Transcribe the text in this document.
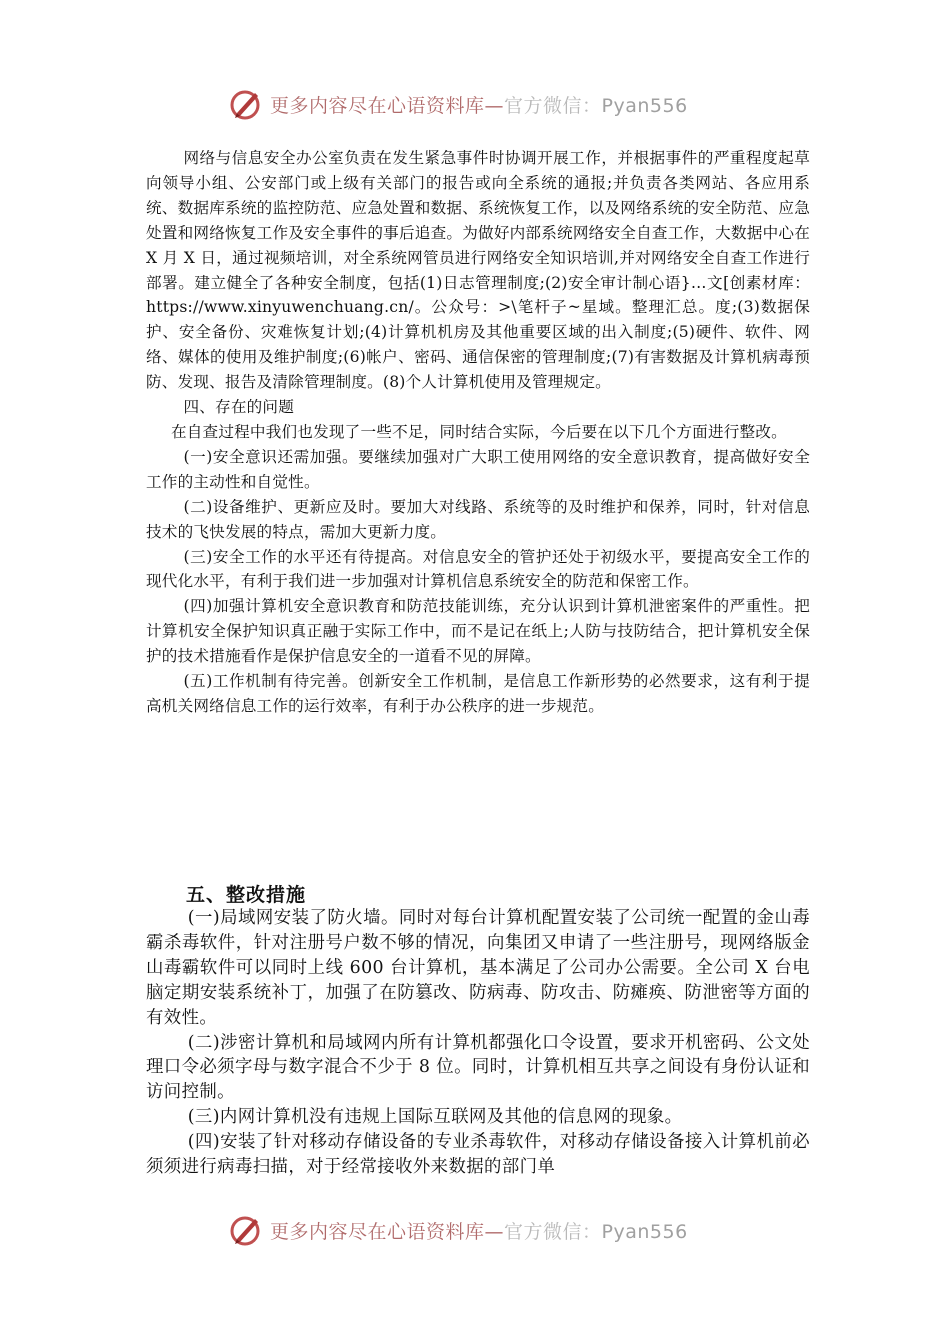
更多内容尽在心语资料库—官方微信：Pyan556

网络与信息安全办公室负责在发生紧急事件时协调开展工作，并根据事件的严重程度起草向领导小组、公安部门或上级有关部门的报告或向全系统的通报;并负责各类网站、各应用系统、数据库系统的监控防范、应急处置和数据、系统恢复工作，以及网络系统的安全防范、应急处置和网络恢复工作及安全事件的事后追查。为做好内部系统网络安全自查工作，大数据中心在 X 月 X 日，通过视频培训，对全系统网管员进行网络安全知识培训,并对网络安全自查工作进行部署。建立健全了各种安全制度，包括(1)日志管理制度;(2)安全审计制心语}…文[创素材库：https://www.xinyuwenchuang.cn/。公众号：>\笔杆子~星域。整理汇总。度;(3)数据保护、安全备份、灾难恢复计划;(4)计算机机房及其他重要区域的出入制度;(5)硬件、软件、网络、媒体的使用及维护制度;(6)帐户、密码、通信保密的管理制度;(7)有害数据及计算机病毒预防、发现、报告及清除管理制度。(8)个人计算机使用及管理规定。

四、存在的问题

在自查过程中我们也发现了一些不足，同时结合实际，今后要在以下几个方面进行整改。

(一)安全意识还需加强。要继续加强对广大职工使用网络的安全意识教育，提高做好安全工作的主动性和自觉性。

(二)设备维护、更新应及时。要加大对线路、系统等的及时维护和保养，同时，针对信息技术的飞快发展的特点，需加大更新力度。

(三)安全工作的水平还有待提高。对信息安全的管护还处于初级水平，要提高安全工作的现代化水平，有利于我们进一步加强对计算机信息系统安全的防范和保密工作。

(四)加强计算机安全意识教育和防范技能训练，充分认识到计算机泄密案件的严重性。把计算机安全保护知识真正融于实际工作中，而不是记在纸上;人防与技防结合，把计算机安全保护的技术措施看作是保护信息安全的一道看不见的屏障。

(五)工作机制有待完善。创新安全工作机制，是信息工作新形势的必然要求，这有利于提高机关网络信息工作的运行效率，有利于办公秩序的进一步规范。

五、整改措施

(一)局域网安装了防火墙。同时对每台计算机配置安装了公司统一配置的金山毒霸杀毒软件，针对注册号户数不够的情况，向集团又申请了一些注册号，现网络版金山毒霸软件可以同时上线 600 台计算机，基本满足了公司办公需要。全公司 X 台电脑定期安装系统补丁，加强了在防篡改、防病毒、防攻击、防瘫痪、防泄密等方面的有效性。

(二)涉密计算机和局域网内所有计算机都强化口令设置，要求开机密码、公文处理口令必须字母与数字混合不少于 8 位。同时，计算机相互共享之间设有身份认证和访问控制。

(三)内网计算机没有违规上国际互联网及其他的信息网的现象。

(四)安装了针对移动存储设备的专业杀毒软件，对移动存储设备接入计算机前必须须进行病毒扫描，对于经常接收外来数据的部门单

更多内容尽在心语资料库—官方微信：Pyan556
